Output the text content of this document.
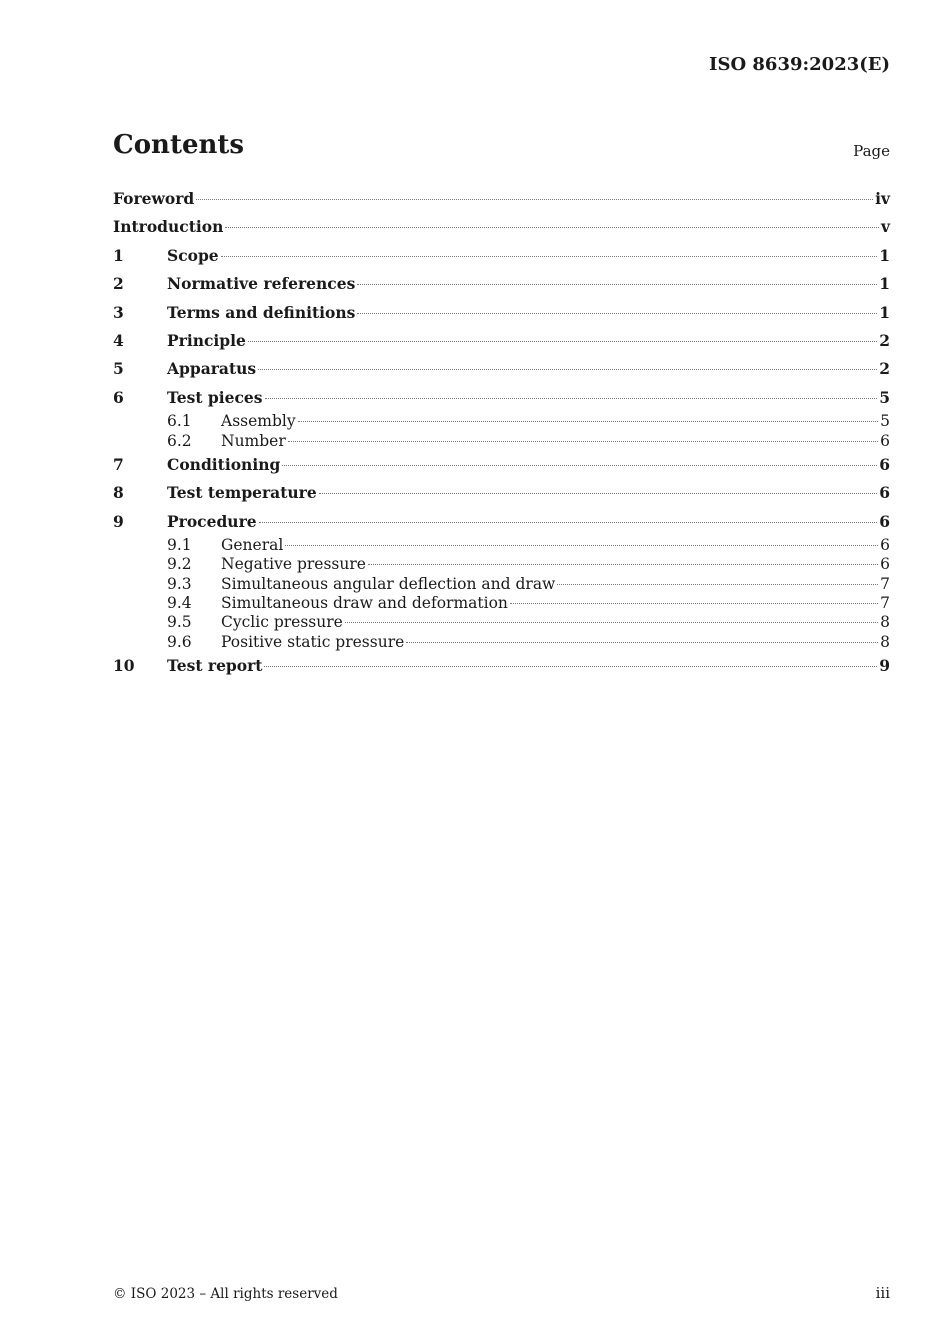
ISO 8639:2023(E)
Contents	Page
Foreword	iv
Introduction	v
1	Scope	1
2	Normative references	1
3	Terms and definitions	1
4	Principle	2
5	Apparatus	2
6	Test pieces	5
6.1	Assembly	5
6.2	Number	6
7	Conditioning	6
8	Test temperature	6
9	Procedure	6
9.1	General	6
9.2	Negative pressure	6
9.3	Simultaneous angular deflection and draw	7
9.4	Simultaneous draw and deformation	7
9.5	Cyclic pressure	8
9.6	Positive static pressure	8
10	Test report	9
© ISO 2023 – All rights reserved	iii
